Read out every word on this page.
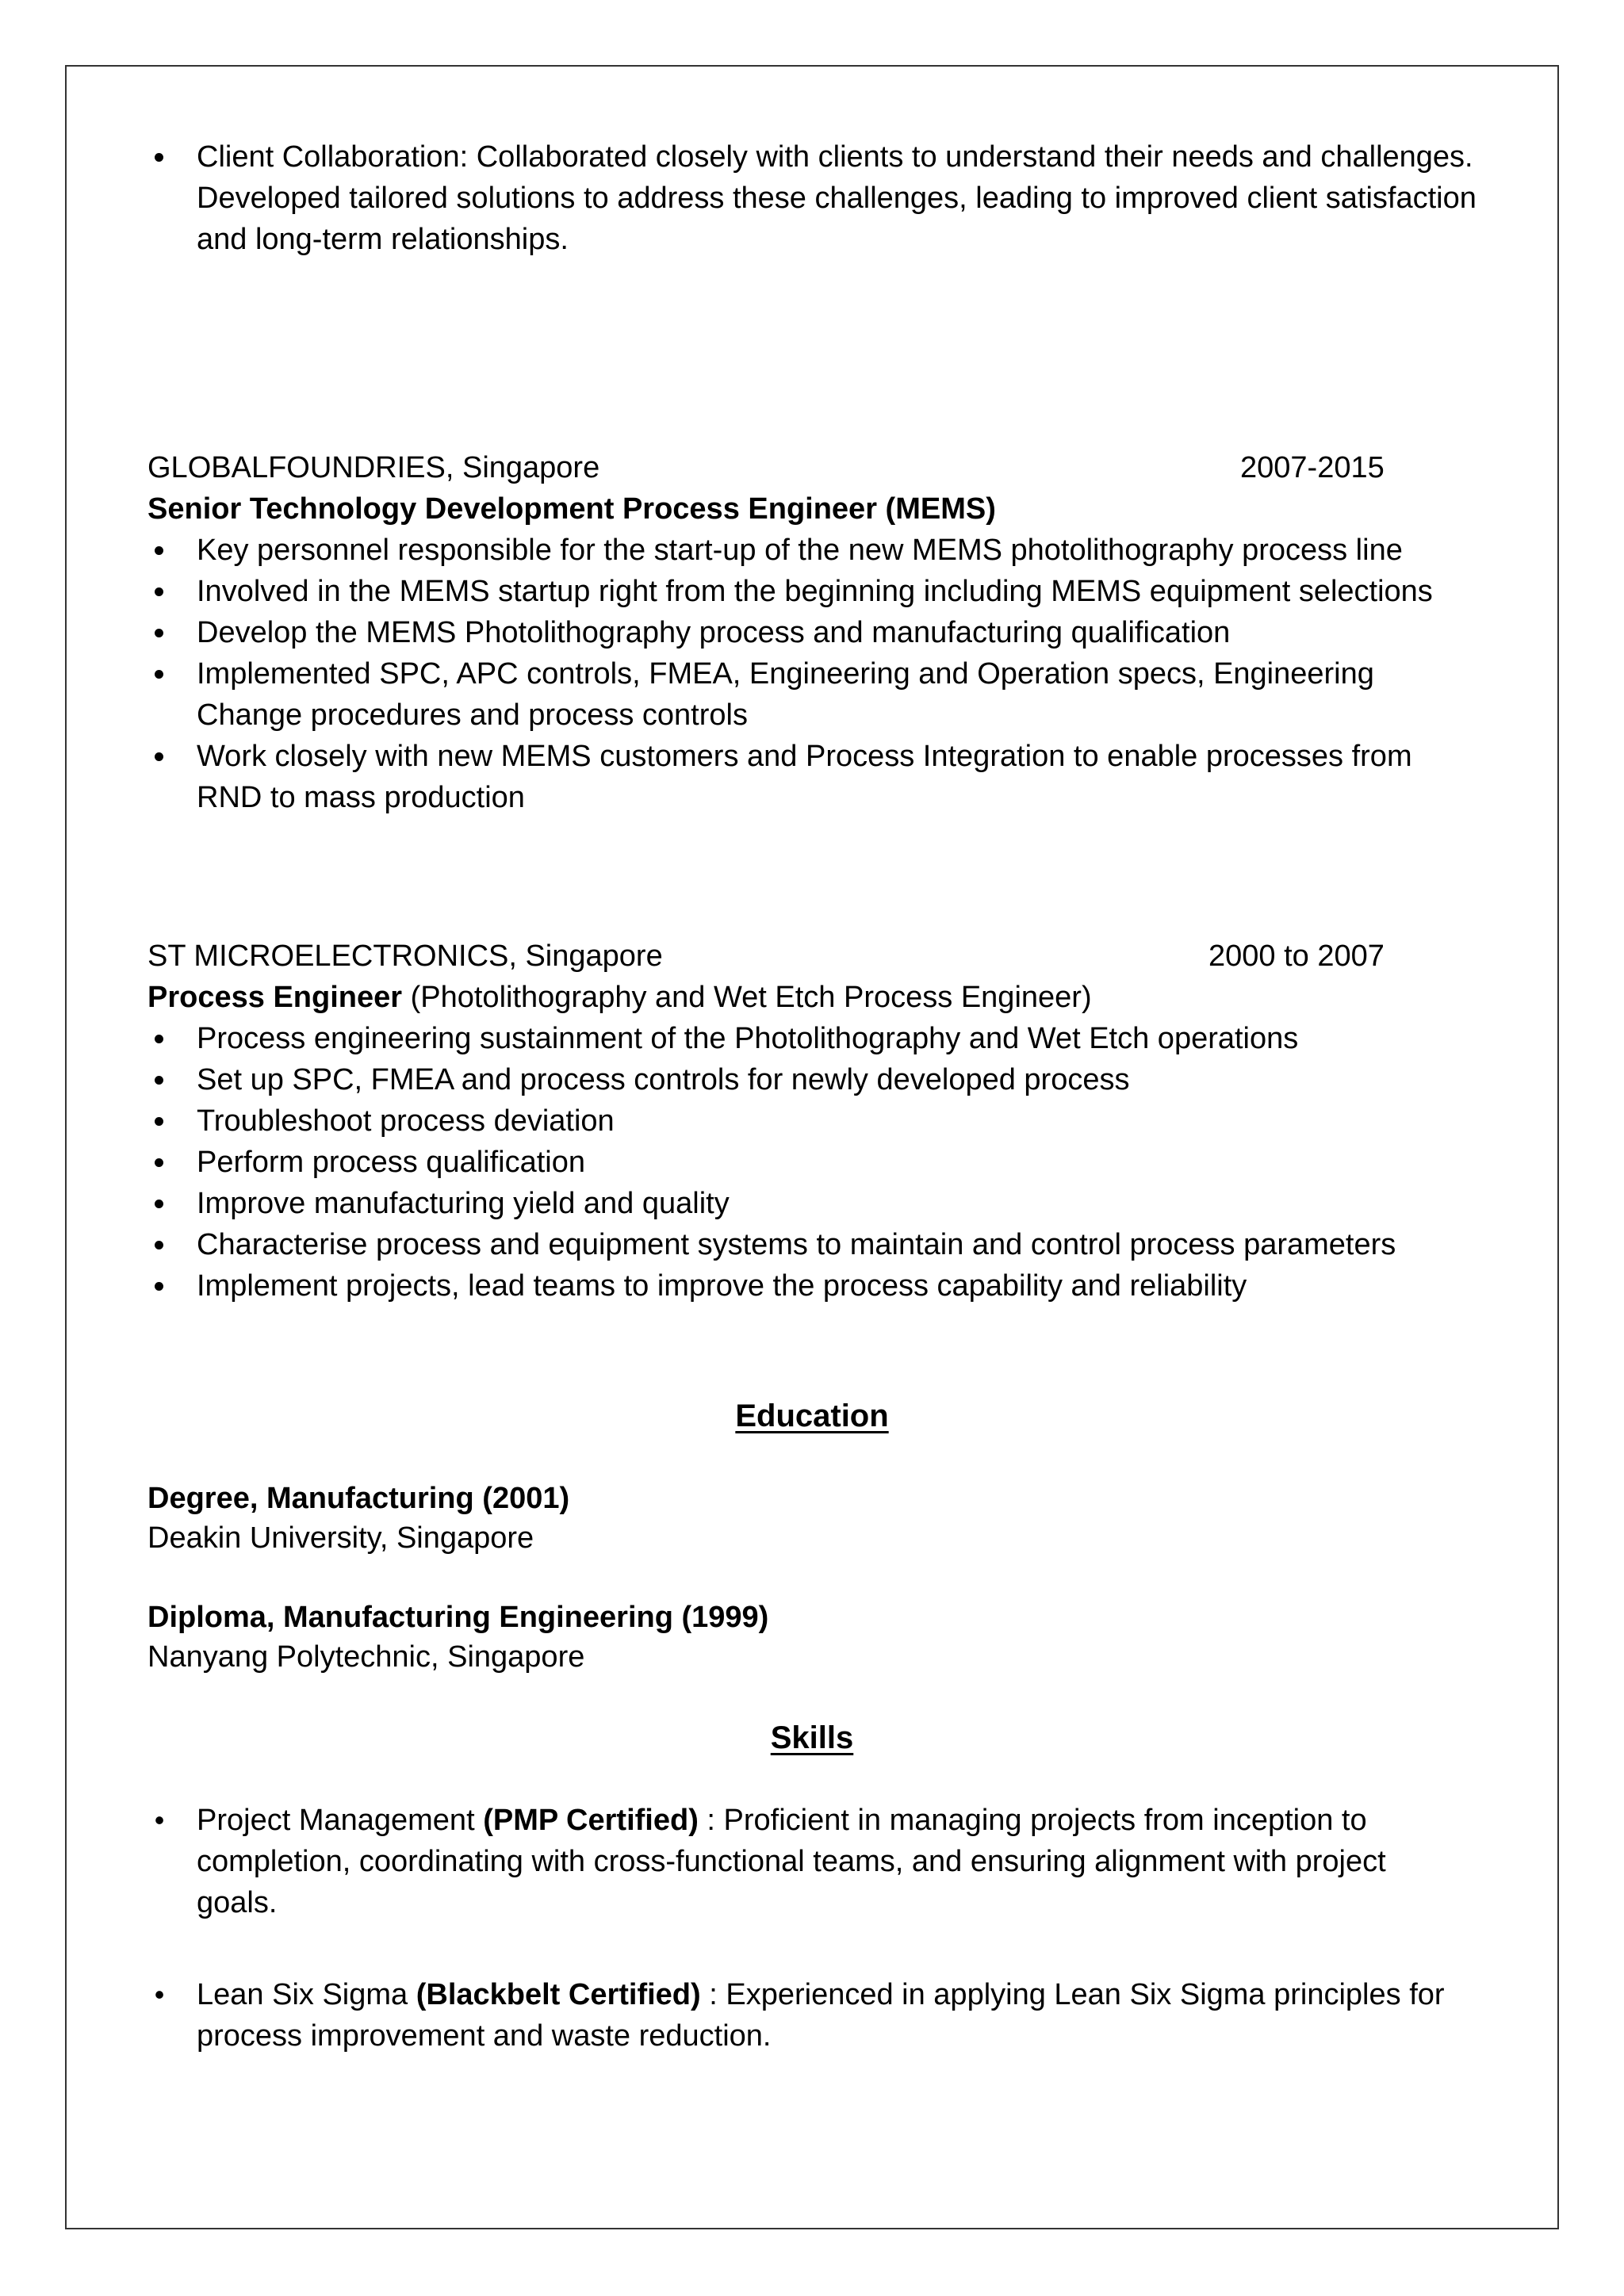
Client Collaboration: Collaborated closely with clients to understand their needs and challenges. Developed tailored solutions to address these challenges, leading to improved client satisfaction and long-term relationships.
GLOBALFOUNDRIES, Singapore	2007-2015
Senior Technology Development Process Engineer (MEMS)
Key personnel responsible for the start-up of the new MEMS photolithography process line
Involved in the MEMS startup right from the beginning including MEMS equipment selections
Develop the MEMS Photolithography process and manufacturing qualification
Implemented SPC, APC controls, FMEA, Engineering and Operation specs, Engineering Change procedures and process controls
Work closely with new MEMS customers and Process Integration to enable processes from RND to mass production
ST MICROELECTRONICS, Singapore	2000 to 2007
Process Engineer (Photolithography and Wet Etch Process Engineer)
Process engineering sustainment of the Photolithography and Wet Etch operations
Set up SPC, FMEA and process controls for newly developed process
Troubleshoot process deviation
Perform process qualification
Improve manufacturing yield and quality
Characterise process and equipment systems to maintain and control process parameters
Implement projects, lead teams to improve the process capability and reliability
Education
Degree, Manufacturing (2001)
Deakin University, Singapore
Diploma, Manufacturing Engineering (1999)
Nanyang Polytechnic, Singapore
Skills
• Project Management (PMP Certified) : Proficient in managing projects from inception to completion, coordinating with cross-functional teams, and ensuring alignment with project goals.
• Lean Six Sigma (Blackbelt Certified) : Experienced in applying Lean Six Sigma principles for process improvement and waste reduction.
